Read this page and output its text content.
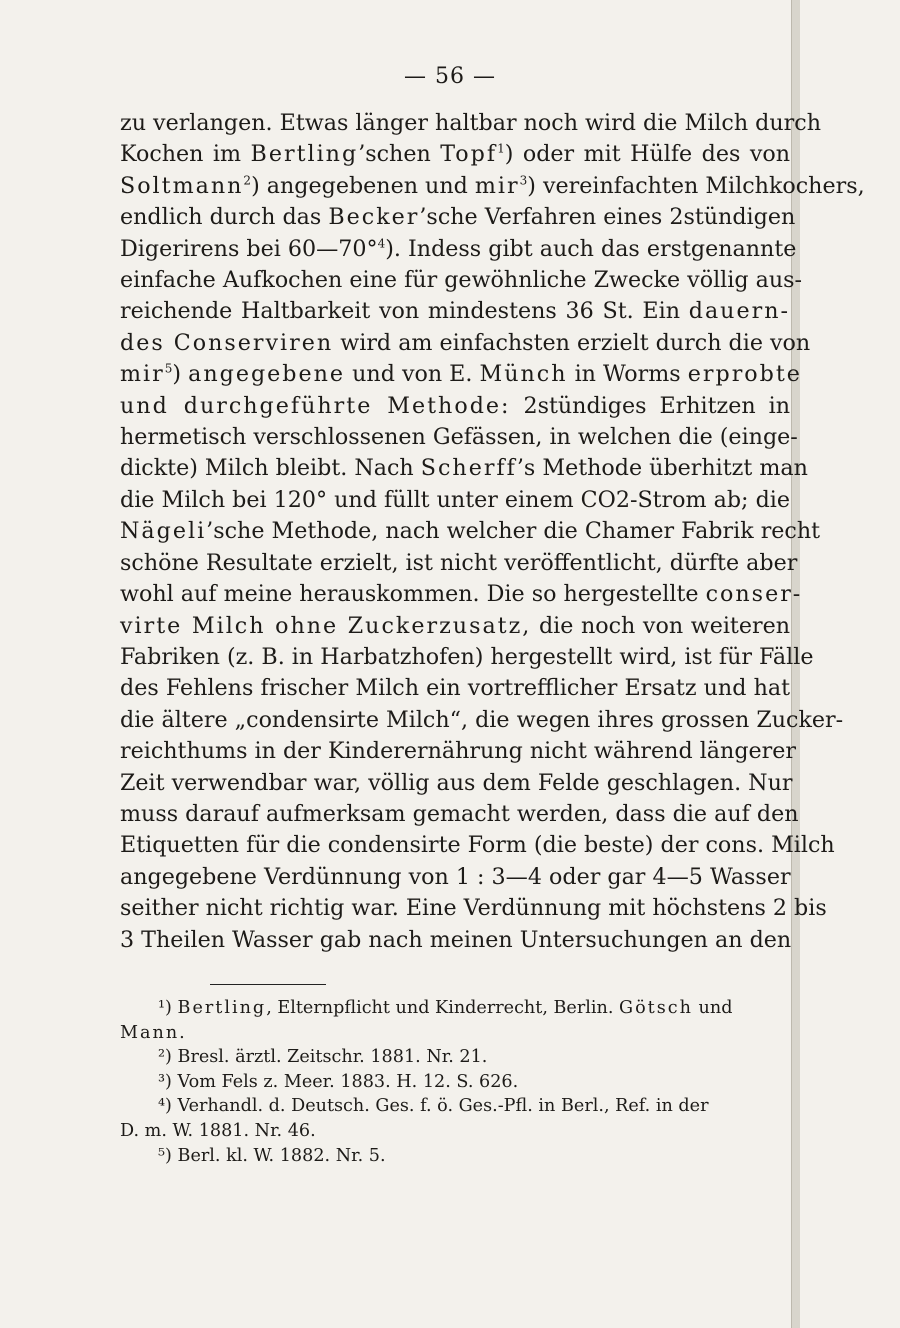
— 56 —
zu verlangen. Etwas länger haltbar noch wird die Milch durch
Kochen im Bertling’schen Topf$^1$) oder mit Hülfe des von
Soltmann$^2$) angegebenen und mir$^3$) vereinfachten Milchkochers,
endlich durch das Becker’sche Verfahren eines 2stündigen
Digerirens bei 60—70°$^4$). Indess gibt auch das erstgenannte
einfache Aufkochen eine für gewöhnliche Zwecke völlig aus-
reichende Haltbarkeit von mindestens 36 St. Ein dauern-
des Conserviren wird am einfachsten erzielt durch die von
mir$^5$) angegebene und von E. Münch in Worms erprobte
und durchgeführte Methode: 2stündiges Erhitzen in
hermetisch verschlossenen Gefässen, in welchen die (einge-
dickte) Milch bleibt. Nach Scherff’s Methode überhitzt man
die Milch bei 120° und füllt unter einem CO2-Strom ab; die
Nägeli’sche Methode, nach welcher die Chamer Fabrik recht
schöne Resultate erzielt, ist nicht veröffentlicht, dürfte aber
wohl auf meine herauskommen. Die so hergestellte conser-
virte Milch ohne Zuckerzusatz, die noch von weiteren
Fabriken (z. B. in Harbatzhofen) hergestellt wird, ist für Fälle
des Fehlens frischer Milch ein vortrefflicher Ersatz und hat
die ältere „condensirte Milch“, die wegen ihres grossen Zucker-
reichthums in der Kinderernährung nicht während längerer
Zeit verwendbar war, völlig aus dem Felde geschlagen. Nur
muss darauf aufmerksam gemacht werden, dass die auf den
Etiquetten für die condensirte Form (die beste) der cons. Milch
angegebene Verdünnung von 1 : 3—4 oder gar 4—5 Wasser
seither nicht richtig war. Eine Verdünnung mit höchstens 2 bis
3 Theilen Wasser gab nach meinen Untersuchungen an den
¹) Bertling, Elternpflicht und Kinderrecht, Berlin. Götsch und
Mann.
²) Bresl. ärztl. Zeitschr. 1881. Nr. 21.
³) Vom Fels z. Meer. 1883. H. 12. S. 626.
⁴) Verhandl. d. Deutsch. Ges. f. ö. Ges.-Pfl. in Berl., Ref. in der
D. m. W. 1881. Nr. 46.
⁵) Berl. kl. W. 1882. Nr. 5.
